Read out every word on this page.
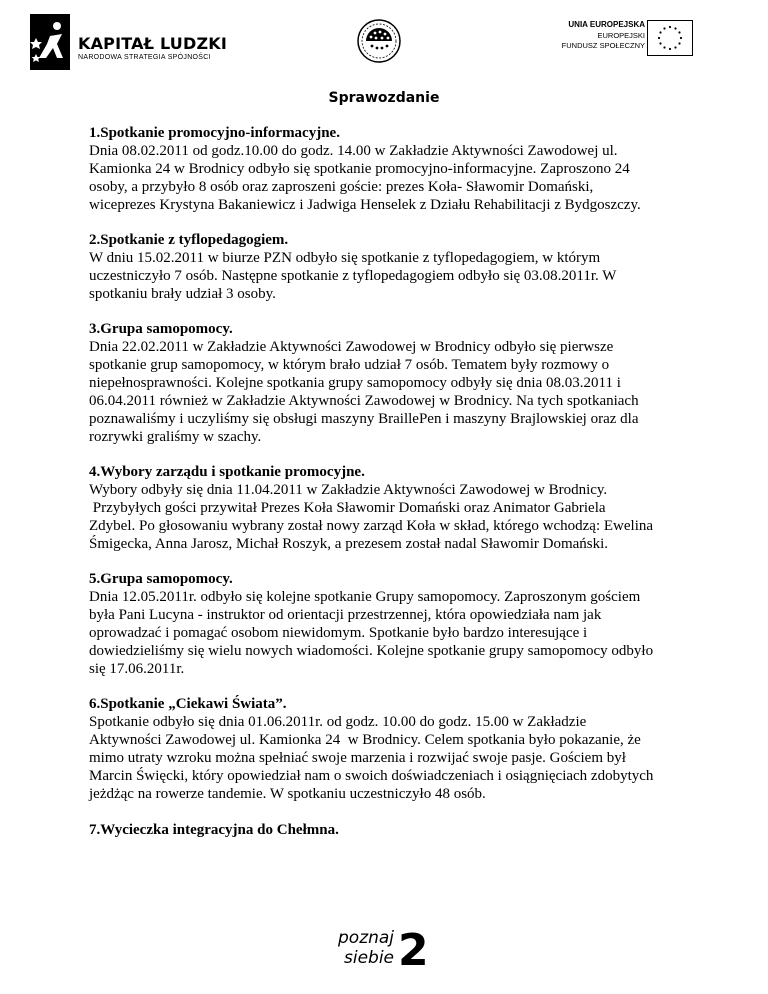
KAPITAŁ LUDZKI
NARODOWA STRATEGIA SPÓJNOŚCI
UNIA EUROPEJSKA
EUROPEJSKI
FUNDUSZ SPOŁECZNY
Sprawozdanie

1.Spotkanie promocyjno-informacyjne.

Dnia 08.02.2011 od godz.10.00 do godz. 14.00 w Zakładzie Aktywności Zawodowej ul.
Kamionka 24 w Brodnicy odbyło się spotkanie promocyjno-informacyjne. Zaproszono 24
osoby, a przybyło 8 osób oraz zaproszeni goście: prezes Koła- Sławomir Domański,
wiceprezes Krystyna Bakaniewicz i Jadwiga Henselek z Działu Rehabilitacji z Bydgoszczy.

2.Spotkanie z tyflopedagogiem.

W dniu 15.02.2011 w biurze PZN odbyło się spotkanie z tyflopedagogiem, w którym
uczestniczyło 7 osób. Następne spotkanie z tyflopedagogiem odbyło się 03.08.2011r. W
spotkaniu brały udział 3 osoby.

3.Grupa samopomocy.

Dnia 22.02.2011 w Zakładzie Aktywności Zawodowej w Brodnicy odbyło się pierwsze
spotkanie grup samopomocy, w którym brało udział 7 osób. Tematem były rozmowy o
niepełnosprawności. Kolejne spotkania grupy samopomocy odbyły się dnia 08.03.2011 i
06.04.2011 również w Zakładzie Aktywności Zawodowej w Brodnicy. Na tych spotkaniach
poznawaliśmy i uczyliśmy się obsługi maszyny BraillePen i maszyny Brajlowskiej oraz dla
rozrywki graliśmy w szachy.

4.Wybory zarządu i spotkanie promocyjne.

Wybory odbyły się dnia 11.04.2011 w Zakładzie Aktywności Zawodowej w Brodnicy.
Przybyłych gości przywitał Prezes Koła Sławomir Domański oraz Animator Gabriela
Zdybel. Po głosowaniu wybrany został nowy zarząd Koła w skład, którego wchodzą: Ewelina
Śmigecka, Anna Jarosz, Michał Roszyk, a prezesem został nadal Sławomir Domański.

5.Grupa samopomocy.

Dnia 12.05.2011r. odbyło się kolejne spotkanie Grupy samopomocy. Zaproszonym gościem
była Pani Lucyna - instruktor od orientacji przestrzennej, która opowiedziała nam jak
oprowadzać i pomagać osobom niewidomym. Spotkanie było bardzo interesujące i
dowiedzieliśmy się wielu nowych wiadomości. Kolejne spotkanie grupy samopomocy odbyło
się 17.06.2011r.

6.Spotkanie „Ciekawi Świata”.

Spotkanie odbyło się dnia 01.06.2011r. od godz. 10.00 do godz. 15.00 w Zakładzie
Aktywności Zawodowej ul. Kamionka 24  w Brodnicy. Celem spotkania było pokazanie, że
mimo utraty wzroku można spełniać swoje marzenia i rozwijać swoje pasje. Gościem był
Marcin Święcki, który opowiedział nam o swoich doświadczeniach i osiągnięciach zdobytych
jeżdżąc na rowerze tandemie. W spotkaniu uczestniczyło 48 osób.

7.Wycieczka integracyjna do Chełmna.

poznaj
siebie 2
